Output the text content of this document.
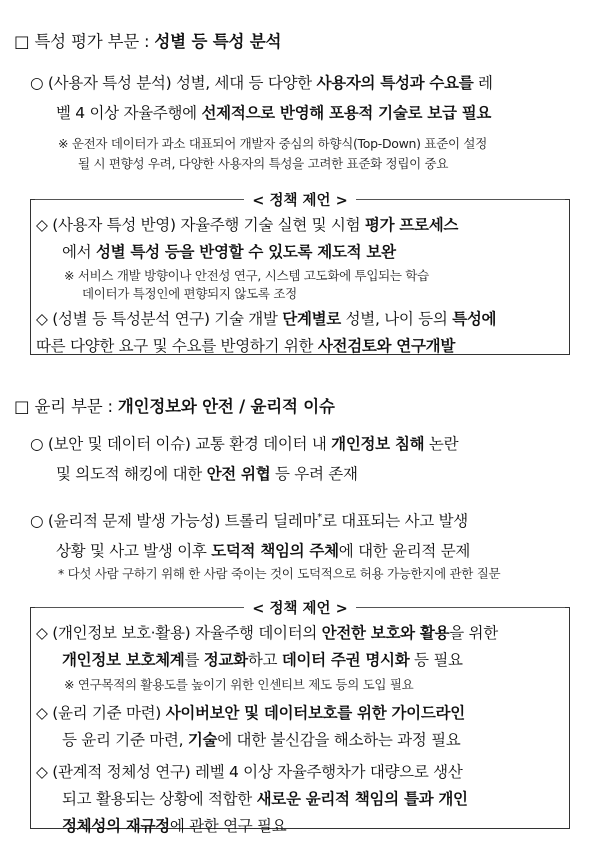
□ 특성 평가 부문 : 성별 등 특성 분석
○ (사용자 특성 분석) 성별, 세대 등 다양한 사용자의 특성과 수요를 레
벨 4 이상 자율주행에 선제적으로 반영해 포용적 기술로 보급 필요
※ 운전자 데이터가 과소 대표되어 개발자 중심의 하향식(Top-Down) 표준이 설정
될 시 편향성 우려, 다양한 사용자의 특성을 고려한 표준화 정립이 중요
< 정책 제언 >
◇ (사용자 특성 반영) 자율주행 기술 실현 및 시험 평가 프로세스
에서 성별 특성 등을 반영할 수 있도록 제도적 보완
※ 서비스 개발 방향이나 안전성 연구, 시스템 고도화에 투입되는 학습
데이터가 특정인에 편향되지 않도록 조정
◇ (성별 등 특성분석 연구) 기술 개발 단계별로 성별, 나이 등의 특성에
따른 다양한 요구 및 수요를 반영하기 위한 사전검토와 연구개발
□ 윤리 부문 : 개인정보와 안전 / 윤리적 이슈
○ (보안 및 데이터 이슈) 교통 환경 데이터 내 개인정보 침해 논란
및 의도적 해킹에 대한 안전 위협 등 우려 존재
○ (윤리적 문제 발생 가능성) 트롤리 딜레마*로 대표되는 사고 발생
상황 및 사고 발생 이후 도덕적 책임의 주체에 대한 윤리적 문제
* 다섯 사람 구하기 위해 한 사람 죽이는 것이 도덕적으로 허용 가능한지에 관한 질문
< 정책 제언 >
◇ (개인정보 보호·활용) 자율주행 데이터의 안전한 보호와 활용을 위한
개인정보 보호체계를 정교화하고 데이터 주권 명시화 등 필요
※ 연구목적의 활용도를 높이기 위한 인센티브 제도 등의 도입 필요
◇ (윤리 기준 마련) 사이버보안 및 데이터보호를 위한 가이드라인
등 윤리 기준 마련, 기술에 대한 불신감을 해소하는 과정 필요
◇ (관계적 정체성 연구) 레벨 4 이상 자율주행차가 대량으로 생산
되고 활용되는 상황에 적합한 새로운 윤리적 책임의 틀과 개인
정체성의 재규정에 관한 연구 필요
